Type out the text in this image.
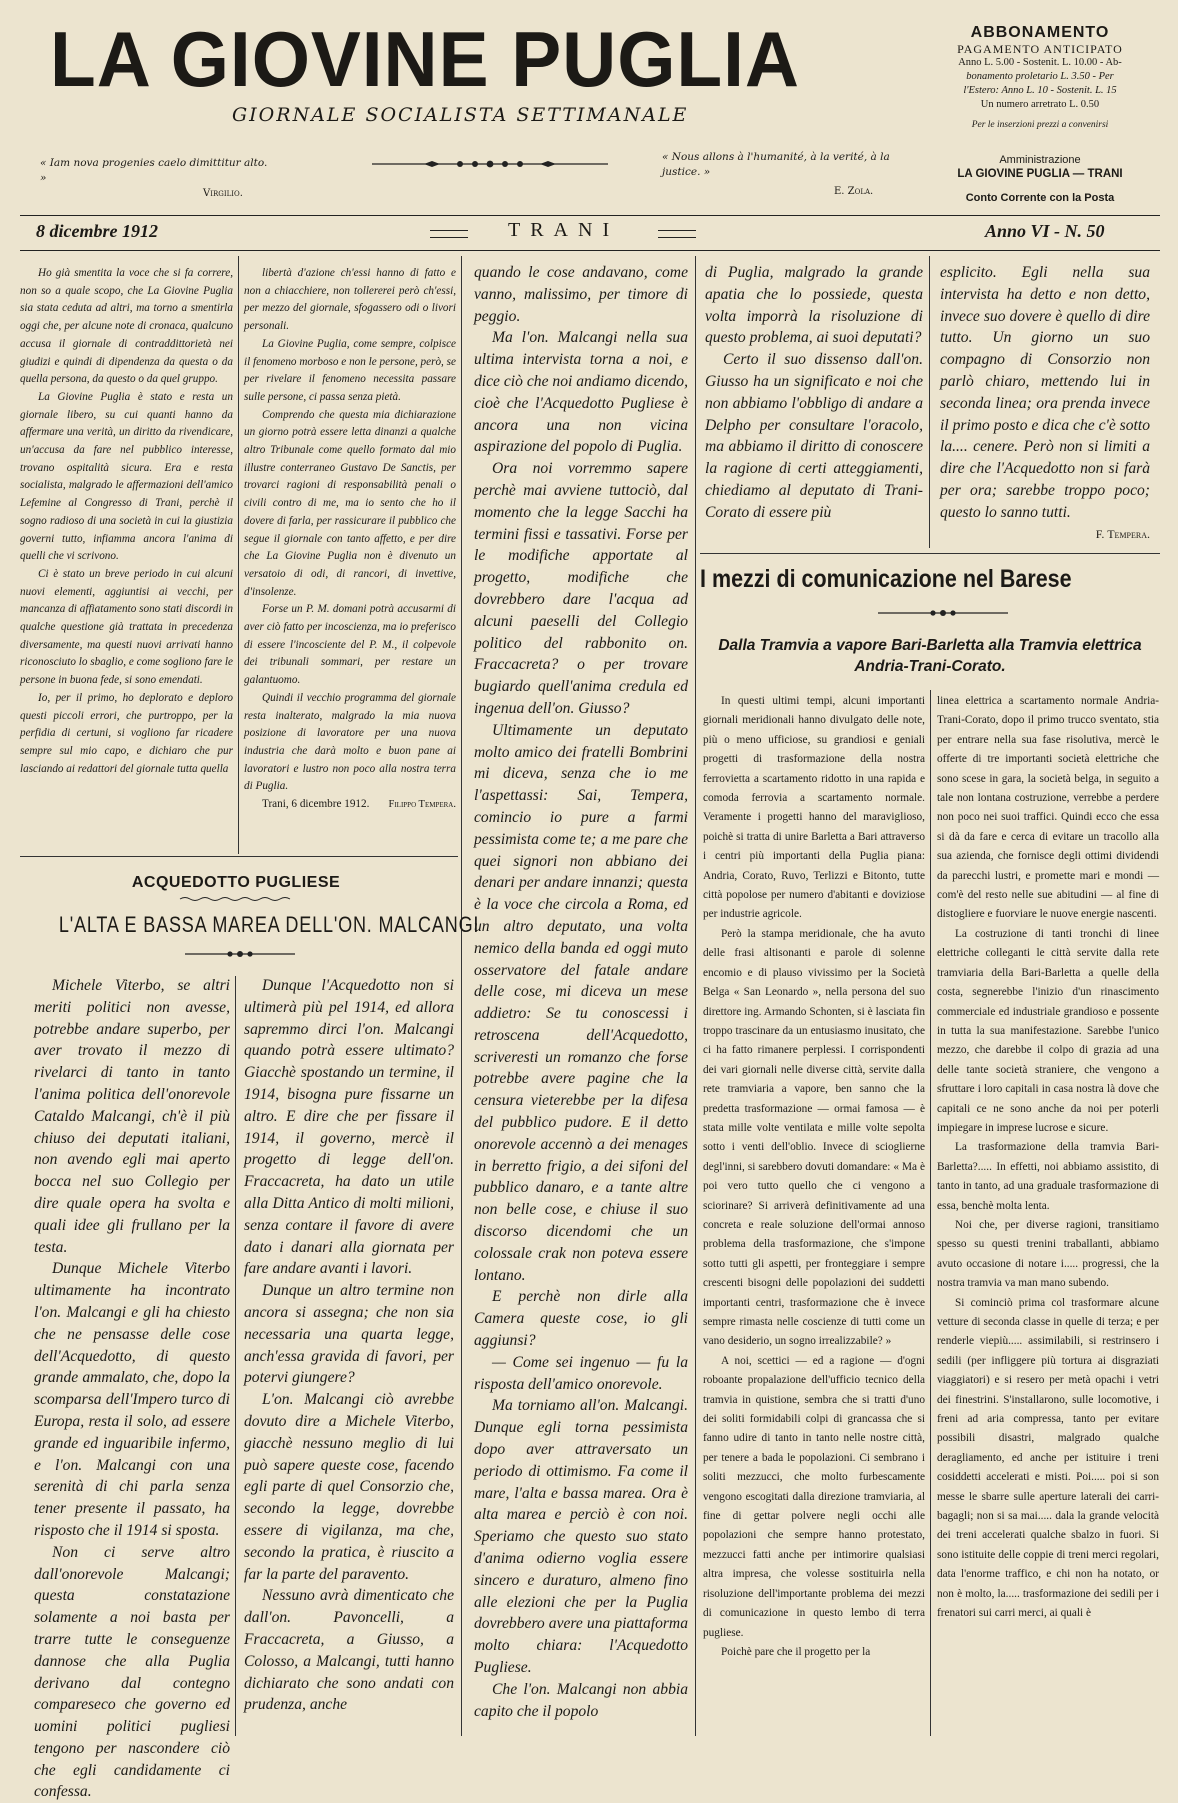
LA GIOVINE PUGLIA
GIORNALE SOCIALISTA SETTIMANALE
« Iam nova progenies caelo dimittitur alto. »
Virgilio.
« Nous allons à l'humanité, à la verité, à la justice. »
E. Zola.
ABBONAMENTO
PAGAMENTO ANTICIPATO
Anno L. 5.00 - Sostenit. L. 10.00 - Ab-
bonamento proletario L. 3.50 - Per
l'Estero: Anno L. 10 - Sostenit. L. 15
Un numero arretrato L. 0.50
Per le inserzioni prezzi a convenirsi
Amministrazione
LA GIOVINE PUGLIA — TRANI
Conto Corrente con la Posta
8 dicembre 1912	TRANI	Anno VI - N. 50

Ho già smentita la voce che si fa correre, non so a quale scopo, che La Giovine Puglia sia stata ceduta ad altri, ma torno a smentirla oggi che, per alcune note di cronaca, qualcuno accusa il giornale di contraddittorietà nei giudizi e quindi di dipendenza da questa o da quella persona, da questo o da quel gruppo.

La Giovine Puglia è stato e resta un giornale libero, su cui quanti hanno da affermare una verità, un diritto da rivendicare, un'accusa da fare nel pubblico interesse, trovano ospitalità sicura. Era e resta socialista, malgrado le affermazioni dell'amico Lefemine al Congresso di Trani, perchè il sogno radioso di una società in cui la giustizia governi tutto, infiamma ancora l'anima di quelli che vi scrivono.

Ci è stato un breve periodo in cui alcuni nuovi elementi, aggiuntisi ai vecchi, per mancanza di affiatamento sono stati discordi in qualche questione già trattata in precedenza diversamente, ma questi nuovi arrivati hanno riconosciuto lo sbaglio, e come sogliono fare le persone in buona fede, si sono emendati.

Io, per il primo, ho deplorato e deploro questi piccoli errori, che purtroppo, per la perfidia di certuni, si vogliono far ricadere sempre sul mio capo, e dichiaro che pur lasciando ai redattori del giornale tutta quella

libertà d'azione ch'essi hanno di fatto e non a chiacchiere, non tollererei però ch'essi, per mezzo del giornale, sfogassero odi o livori personali.

La Giovine Puglia, come sempre, colpisce il fenomeno morboso e non le persone, però, se per rivelare il fenomeno necessita passare sulle persone, ci passa senza pietà.

Comprendo che questa mia dichiarazione un giorno potrà essere letta dinanzi a qualche altro Tribunale come quello formato dal mio illustre conterraneo Gustavo De Sanctis, per trovarci ragioni di responsabilità penali o civili contro di me, ma io sento che ho il dovere di farla, per rassicurare il pubblico che segue il giornale con tanto affetto, e per dire che La Giovine Puglia non è divenuto un versatoio di odi, di rancori, di invettive, d'insolenze.

Forse un P. M. domani potrà accusarmi di aver ciò fatto per incoscienza, ma io preferisco di essere l'incosciente del P. M., il colpevole dei tribunali sommari, per restare un galantuomo.

Quindi il vecchio programma del giornale resta inalterato, malgrado la mia nuova posizione di lavoratore per una nuova industria che darà molto e buon pane ai lavoratori e lustro non poco alla nostra terra di Puglia.

Trani, 6 dicembre 1912. Filippo Tempera.
ACQUEDOTTO PUGLIESE
L'ALTA E BASSA MAREA DELL'ON. MALCANGI

Michele Viterbo, se altri meriti politici non avesse, potrebbe andare superbo, per aver trovato il mezzo di rivelarci di tanto in tanto l'anima politica dell'onorevole Cataldo Malcangi, ch'è il più chiuso dei deputati italiani, non avendo egli mai aperto bocca nel suo Collegio per dire quale opera ha svolta e quali idee gli frullano per la testa.

Dunque Michele Viterbo ultimamente ha incontrato l'on. Malcangi e gli ha chiesto che ne pensasse delle cose dell'Acquedotto, di questo grande ammalato, che, dopo la scomparsa dell'Impero turco di Europa, resta il solo, ad essere grande ed inguaribile infermo, e l'on. Malcangi con una serenità di chi parla senza tener presente il passato, ha risposto che il 1914 si sposta.

Non ci serve altro dall'onorevole Malcangi; questa constatazione solamente a noi basta per trarre tutte le conseguenze dannose che alla Puglia derivano dal contegno compareseco che governo ed uomini politici pugliesi tengono per nascondere ciò che egli candidamente ci confessa.

Dunque l'Acquedotto non si ultimerà più pel 1914, ed allora sapremmo dirci l'on. Malcangi quando potrà essere ultimato? Giacchè spostando un termine, il 1914, bisogna pure fissarne un altro. E dire che per fissare il 1914, il governo, mercè il progetto di legge dell'on. Fraccacreta, ha dato un utile alla Ditta Antico di molti milioni, senza contare il favore di avere dato i danari alla giornata per fare andare avanti i lavori.

Dunque un altro termine non ancora si assegna; che non sia necessaria una quarta legge, anch'essa gravida di favori, per potervi giungere?

L'on. Malcangi ciò avrebbe dovuto dire a Michele Viterbo, giacchè nessuno meglio di lui può sapere queste cose, facendo egli parte di quel Consorzio che, secondo la legge, dovrebbe essere di vigilanza, ma che, secondo la pratica, è riuscito a far la parte del paravento.

Nessuno avrà dimenticato che dall'on. Pavoncelli, a Fraccacreta, a Giusso, a Colosso, a Malcangi, tutti hanno dichiarato che sono andati con prudenza, anche

quando le cose andavano, come vanno, malissimo, per timore di peggio.

Ma l'on. Malcangi nella sua ultima intervista torna a noi, e dice ciò che noi andiamo dicendo, cioè che l'Acquedotto Pugliese è ancora una non vicina aspirazione del popolo di Puglia.

Ora noi vorremmo sapere perchè mai avviene tuttociò, dal momento che la legge Sacchi ha termini fissi e tassativi. Forse per le modifiche apportate al progetto, modifiche che dovrebbero dare l'acqua ad alcuni paeselli del Collegio politico del rabbonito on. Fraccacreta? o per trovare bugiardo quell'anima credula ed ingenua dell'on. Giusso?

Ultimamente un deputato molto amico dei fratelli Bombrini mi diceva, senza che io me l'aspettassi: Sai, Tempera, comincio io pure a farmi pessimista come te; a me pare che quei signori non abbiano dei denari per andare innanzi; questa è la voce che circola a Roma, ed un altro deputato, una volta nemico della banda ed oggi muto osservatore del fatale andare delle cose, mi diceva un mese addietro: Se tu conoscessi i retroscena dell'Acquedotto, scriveresti un romanzo che forse potrebbe avere pagine che la censura vieterebbe per la difesa del pubblico pudore. E il detto onorevole accennò a dei menages in berretto frigio, a dei sifoni del pubblico danaro, e a tante altre non belle cose, e chiuse il suo discorso dicendomi che un colossale crak non poteva essere lontano.

E perchè non dirle alla Camera queste cose, io gli aggiunsi?

— Come sei ingenuo — fu la risposta dell'amico onorevole.

Ma torniamo all'on. Malcangi. Dunque egli torna pessimista dopo aver attraversato un periodo di ottimismo. Fa come il mare, l'alta e bassa marea. Ora è alta marea e perciò è con noi. Speriamo che questo suo stato d'anima odierno voglia essere sincero e duraturo, almeno fino alle elezioni che per la Puglia dovrebbero avere una piattaforma molto chiara: l'Acquedotto Pugliese.

Che l'on. Malcangi non abbia capito che il popolo

di Puglia, malgrado la grande apatia che lo possiede, questa volta imporrà la risoluzione di questo problema, ai suoi deputati?

Certo il suo dissenso dall'on. Giusso ha un significato e noi che non abbiamo l'obbligo di andare a Delpho per consultare l'oracolo, ma abbiamo il diritto di conoscere la ragione di certi atteggiamenti, chiediamo al deputato di Trani-Corato di essere più

esplicito. Egli nella sua intervista ha detto e non detto, invece suo dovere è quello di dire tutto. Un giorno un suo compagno di Consorzio non parlò chiaro, mettendo lui in seconda linea; ora prenda invece il primo posto e dica che c'è sotto la.... cenere. Però non si limiti a dire che l'Acquedotto non si farà per ora; sarebbe troppo poco; questo lo sanno tutti.

F. Tempera.
I mezzi di comunicazione nel Barese
Dalla Tramvia a vapore Bari-Barletta alla Tramvia elettrica Andria-Trani-Corato.

In questi ultimi tempi, alcuni importanti giornali meridionali hanno divulgato delle note, più o meno ufficiose, su grandiosi e geniali progetti di trasformazione della nostra ferrovietta a scartamento ridotto in una rapida e comoda ferrovia a scartamento normale. Veramente i progetti hanno del maraviglioso, poichè si tratta di unire Barletta a Bari attraverso i centri più importanti della Puglia piana: Andria, Corato, Ruvo, Terlizzi e Bitonto, tutte città popolose per numero d'abitanti e doviziose per industrie agricole.

Però la stampa meridionale, che ha avuto delle frasi altisonanti e parole di solenne encomio e di plauso vivissimo per la Società Belga « San Leonardo », nella persona del suo direttore ing. Armando Schonten, si è lasciata fin troppo trascinare da un entusiasmo inusitato, che ci ha fatto rimanere perplessi. I corrispondenti dei vari giornali nelle diverse città, servite dalla rete tramviaria a vapore, ben sanno che la predetta trasformazione — ormai famosa — è stata mille volte ventilata e mille volte sepolta sotto i venti dell'oblio. Invece di scioglierne degl'inni, si sarebbero dovuti domandare: « Ma è poi vero tutto quello che ci vengono a sciorinare? Si arriverà definitivamente ad una concreta e reale soluzione dell'ormai annoso problema della trasformazione, che s'impone sotto tutti gli aspetti, per fronteggiare i sempre crescenti bisogni delle popolazioni dei suddetti importanti centri, trasformazione che è invece sempre rimasta nelle coscienze di tutti come un vano desiderio, un sogno irrealizzabile? »

A noi, scettici — ed a ragione — d'ogni roboante propalazione dell'ufficio tecnico della tramvia in quistione, sembra che si tratti d'uno dei soliti formidabili colpi di grancassa che si fanno udire di tanto in tanto nelle nostre città, per tenere a bada le popolazioni. Ci sembrano i soliti mezzucci, che molto furbescamente vengono escogitati dalla direzione tramviaria, al fine di gettar polvere negli occhi alle popolazioni che sempre hanno protestato, mezzucci fatti anche per intimorire qualsiasi altra impresa, che volesse sostituirla nella risoluzione dell'importante problema dei mezzi di comunicazione in questo lembo di terra pugliese.

Poichè pare che il progetto per la

linea elettrica a scartamento normale Andria-Trani-Corato, dopo il primo trucco sventato, stia per entrare nella sua fase risolutiva, mercè le offerte di tre importanti società elettriche che sono scese in gara, la società belga, in seguito a tale non lontana costruzione, verrebbe a perdere non poco nei suoi traffici. Quindi ecco che essa si dà da fare e cerca di evitare un tracollo alla sua azienda, che fornisce degli ottimi dividendi da parecchi lustri, e promette mari e mondi — com'è del resto nelle sue abitudini — al fine di distogliere e fuorviare le nuove energie nascenti.

La costruzione di tanti tronchi di linee elettriche colleganti le città servite dalla rete tramviaria della Bari-Barletta a quelle della costa, segnerebbe l'inizio d'un rinascimento commerciale ed industriale grandioso e possente in tutta la sua manifestazione. Sarebbe l'unico mezzo, che darebbe il colpo di grazia ad una delle tante società straniere, che vengono a sfruttare i loro capitali in casa nostra là dove che capitali ce ne sono anche da noi per poterli impiegare in imprese lucrose e sicure.

La trasformazione della tramvia Bari-Barletta?..... In effetti, noi abbiamo assistito, di tanto in tanto, ad una graduale trasformazione di essa, benchè molta lenta.

Noi che, per diverse ragioni, transitiamo spesso su questi trenini traballanti, abbiamo avuto occasione di notare i..... progressi, che la nostra tramvia va man mano subendo.

Si cominciò prima col trasformare alcune vetture di seconda classe in quelle di terza; e per renderle viepiù..... assimilabili, si restrinsero i sedili (per infliggere più tortura ai disgraziati viaggiatori) e si resero per metà opachi i vetri dei finestrini. S'installarono, sulle locomotive, i freni ad aria compressa, tanto per evitare possibili disastri, malgrado qualche deragliamento, ed anche per istituire i treni cosiddetti accelerati e misti. Poi..... poi si son messe le sbarre sulle aperture laterali dei carri-bagagli; non si sa mai..... dala la grande velocità dei treni accelerati qualche sbalzo in fuori. Si sono istituite delle coppie di treni merci regolari, data l'enorme traffico, e chi non ha notato, or non è molto, la..... trasformazione dei sedili per i frenatori sui carri merci, ai quali è
